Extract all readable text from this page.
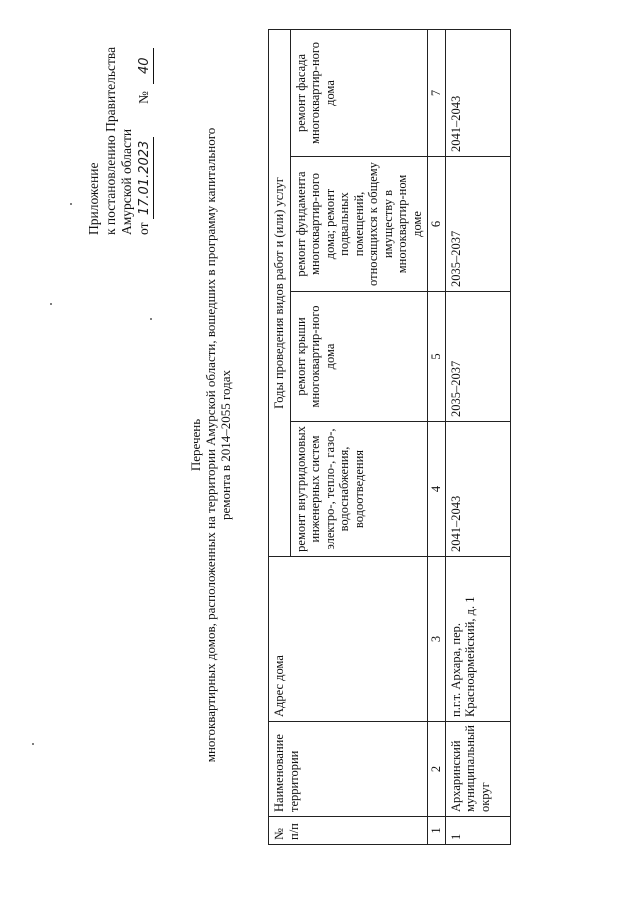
Приложение к постановлению Правительства Амурской области от 17.01.2023  № 40
Перечень многоквартирных домов, расположенных на территории Амурской области, вошедших в программу капитального ремонта в 2014–2055 годах
№ п/п	Наименование территории	Адрес дома	Годы проведения видов работ и (или) услуг			
			ремонт внутридомовых инженерных систем электро-, тепло-, газо-, водоснабжения, водоотведения	ремонт крыши многоквартир-ного дома	ремонт фундамента многоквартир-ного дома; ремонт подвальных помещений, относящихся к общему имуществу в многоквартир-ном доме	ремонт фасада многоквартир-ного дома
1	2	3	4	5	6	7
1	Архаринский муниципальный округ	п.г.т. Архара, пер. Красноармейский, д. 1	2041–2043	2035–2037	2035–2037	2041–2043
